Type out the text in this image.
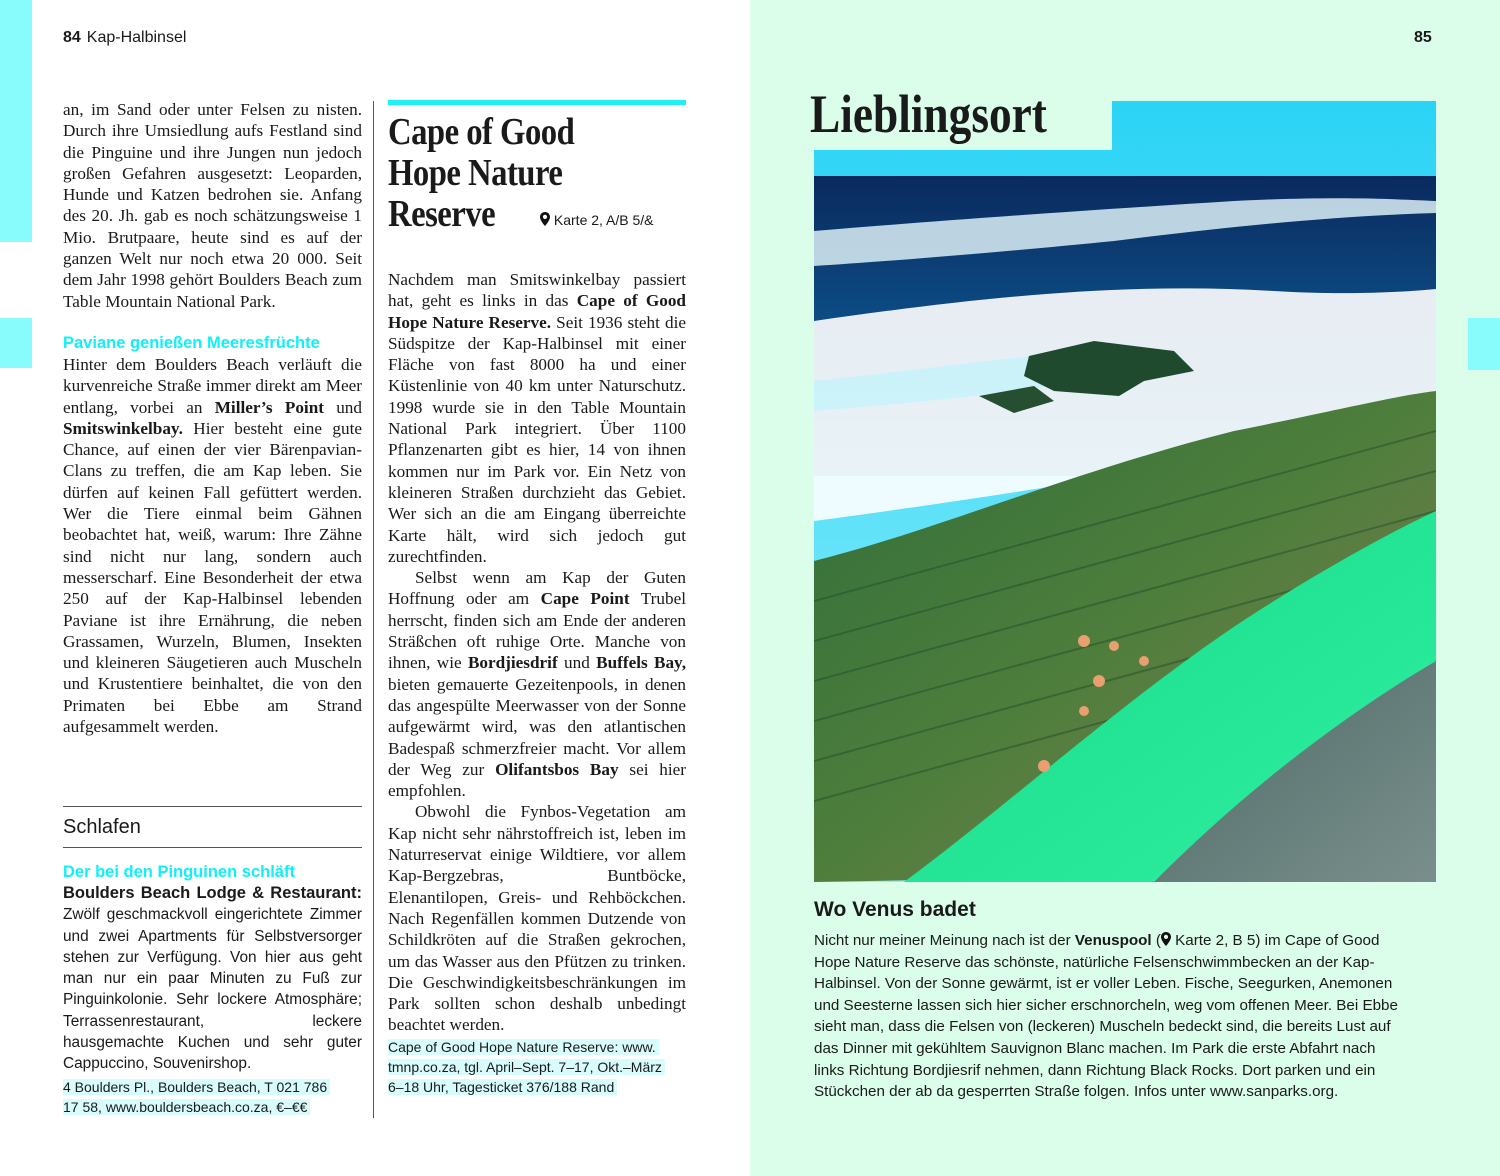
84 Kap-Halbinsel

an, im Sand oder unter Felsen zu nisten. Durch ihre Umsiedlung aufs Festland sind die Pinguine und ihre Jungen nun jedoch großen Gefahren ausgesetzt: Leoparden, Hunde und Katzen bedrohen sie. Anfang des 20. Jh. gab es noch schätzungsweise 1 Mio. Brutpaare, heute sind es auf der ganzen Welt nur noch etwa 20 000. Seit dem Jahr 1998 gehört Boulders Beach zum Table Mountain National Park.

Paviane genießen Meeresfrüchte

Hinter dem Boulders Beach verläuft die kurvenreiche Straße immer direkt am Meer entlang, vorbei an Miller’s Point und Smitswinkelbay. Hier besteht eine gute Chance, auf einen der vier Bärenpavian-Clans zu treffen, die am Kap leben. Sie dürfen auf keinen Fall gefüttert werden. Wer die Tiere einmal beim Gähnen beobachtet hat, weiß, warum: Ihre Zähne sind nicht nur lang, sondern auch messerscharf. Eine Besonderheit der etwa 250 auf der Kap-Halbinsel lebenden Paviane ist ihre Ernährung, die neben Grassamen, Wurzeln, Blumen, Insekten und kleineren Säugetieren auch Muscheln und Krustentiere beinhaltet, die von den Primaten bei Ebbe am Strand aufgesammelt werden.

Schlafen
Der bei den Pinguinen schläft
Boulders Beach Lodge & Restaurant: Zwölf geschmackvoll eingerichtete Zimmer und zwei Apartments für Selbstversorger stehen zur Verfügung. Von hier aus geht man nur ein paar Minuten zu Fuß zur Pinguinkolonie. Sehr lockere Atmosphäre; Terrassenrestaurant, leckere hausgemachte Kuchen und sehr guter Cappuccino, Souvenirshop.
4 Boulders Pl., Boulders Beach, T 021 786
17 58, www.bouldersbeach.co.za, €–€€
Cape of Good
Hope Nature
Reserve	Karte 2, A/B 5/&

Nachdem man Smitswinkelbay passiert hat, geht es links in das Cape of Good Hope Nature Reserve. Seit 1936 steht die Südspitze der Kap-Halbinsel mit einer Fläche von fast 8000 ha und einer Küstenlinie von 40 km unter Naturschutz. 1998 wurde sie in den Table Mountain National Park integriert. Über 1100 Pflanzenarten gibt es hier, 14 von ihnen kommen nur im Park vor. Ein Netz von kleineren Straßen durchzieht das Gebiet. Wer sich an die am Eingang überreichte Karte hält, wird sich jedoch gut zurechtfinden.

Selbst wenn am Kap der Guten Hoffnung oder am Cape Point Trubel herrscht, finden sich am Ende der anderen Sträßchen oft ruhige Orte. Manche von ihnen, wie Bordjiesdrif und Buffels Bay, bieten gemauerte Gezeitenpools, in denen das angespülte Meerwasser von der Sonne aufgewärmt wird, was den atlantischen Badespaß schmerzfreier macht. Vor allem der Weg zur Olifantsbos Bay sei hier empfohlen.

Obwohl die Fynbos-Vegetation am Kap nicht sehr nährstoffreich ist, leben im Naturreservat einige Wildtiere, vor allem Kap-Bergzebras, Buntböcke, Elenantilopen, Greis- und Rehböckchen. Nach Regenfällen kommen Dutzende von Schildkröten auf die Straßen gekrochen, um das Wasser aus den Pfützen zu trinken. Die Geschwindigkeitsbeschränkungen im Park sollten schon deshalb unbedingt beachtet werden.

Cape of Good Hope Nature Reserve: www.
tmnp.co.za, tgl. April–Sept. 7–17, Okt.–März
6–18 Uhr, Tagesticket 376/188 Rand
85
Lieblingsort
Wo Venus badet

Nicht nur meiner Meinung nach ist der Venuspool ( Karte 2, B 5) im Cape of Good Hope Nature Reserve das schönste, natürliche Felsenschwimmbecken an der Kap-Halbinsel. Von der Sonne gewärmt, ist er voller Leben. Fische, Seegurken, Anemonen und Seesterne lassen sich hier sicher erschnorcheln, weg vom offenen Meer. Bei Ebbe sieht man, dass die Felsen von (leckeren) Muscheln bedeckt sind, die bereits Lust auf das Dinner mit gekühltem Sauvignon Blanc machen. Im Park die erste Abfahrt nach links Richtung Bordjiesrif nehmen, dann Richtung Black Rocks. Dort parken und ein Stückchen der ab da gesperrten Straße folgen. Infos unter www.sanparks.org.
